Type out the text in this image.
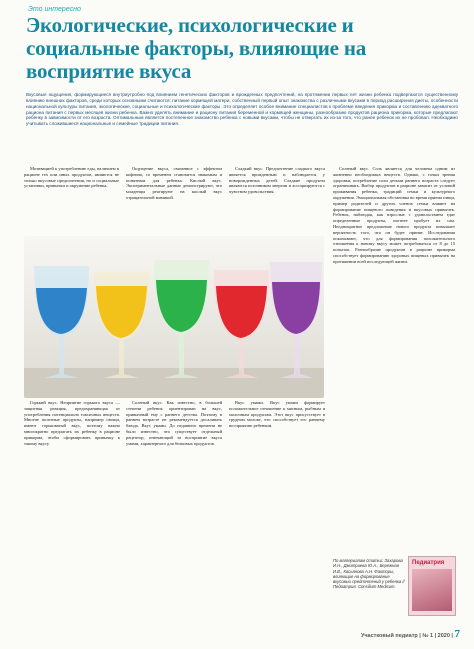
Это интересно
Экологические, психологические и социальные факторы, влияющие на восприятие вкуса
Вкусовые ощущения, формирующиеся внутриутробно под влиянием генетических факторов и врожденных предпочтений, на протяжении первых лет жизни ребенка подвергаются существенному влиянию внешних факторов, среди которых основными считаются: питание кормящей матери, собственный первый опыт знакомства с различными вкусами в период расширения диеты, особенности национальной культуры питания, экологические, социальные и психологические факторы. Это определяет особое внимание специалистов к проблеме введения прикорма и составлению адекватного рациона питания с первых месяцев жизни ребенка. Важно уделять внимание и рациону питания беременной и кормящей женщины, разнообразию продуктов рациона прикорма, которые предлагают ребенку в зависимости от его возраста. Оптимальным является постепенное знакомство ребенка с новыми вкусами, чтобы не отвергать их из-за того, что ранее ребенок их не пробовал. Необходимо учитывать сложившиеся национальные и семейные традиции питания.

Мотивацией к употреблению еды, наличием в рационе тех или иных продуктов, являются не только вкусовые предпочтения, но и социальные установки, привычки и окружение ребенка.

Ощущение вкуса, связанное с эффектом кофеина, со временем становится знакомым и понятным для ребенка. Кислый вкус. Экспериментальные данные демонстрируют, что младенцы реагируют на кислый вкус отрицательной мимикой.

Сладкий вкус. Предпочтение сладкого вкуса является врожденным и наблюдается у новорожденных детей. Сладкие продукты являются источником энергии и ассоциируются с чувством удовольствия.

Горький вкус. Неприятие горького вкуса — защитная реакция, предохраняющая от употребления потенциально токсичных веществ. Многие полезные продукты, например овощи, имеют горьковатый вкус, поэтому важно многократно предлагать их ребенку в рационе прикорма, чтобы сформировать привычку к такому вкусу.

Соленый вкус. Как известно, в большей степени ребенок ориентирован на вкус, привычный ему с раннего детства. Поэтому в раннем возрасте не рекомендуется досаливать блюда. Вкус умами. До недавнего времени не было известно, что существует отдельный рецептор, отвечающий за восприятие вкуса умами, характерного для белковых продуктов.

Вкус умами. Вкус умами формирует положительное отношение к мясным, рыбным и молочным продуктам. Этот вкус присутствует в грудном молоке, что способствует его раннему восприятию ребенком.

Соленый вкус. Соль является для человека одним из жизненно необходимых веществ. Однако, с точки зрения здоровья, потребление соли детьми раннего возраста следует ограничивать. Выбор продуктов в рационе зависит от условий проживания ребенка, традиций семьи и культурного окружения. Эмоциональная обстановка во время приема пищи, пример родителей и других членов семьи влияют на формирование пищевого поведения и вкусовых привычек. Ребенок, наблюдая, как взрослые с удовольствием едят определенные продукты, охотнее пробует их сам. Неоднократное предложение нового продукта повышает вероятность того, что он будет принят. Исследования показывают, что для формирования положительного отношения к новому вкусу может потребоваться от 8 до 15 попыток. Разнообразие продуктов в рационе прикорма способствует формированию здоровых пищевых привычек на протяжении всей последующей жизни.

По материалам статьи: Захарова И.Н., Дмитриева Ю.А., Бережная И.В., Касьянова А.Н. Факторы, влияющие на формирование вкусовых предпочтений у ребенка // Педиатрия. Consilium Medicum.
Педиатрия
Участковый педиатр | № 1 | 2020 | 7
